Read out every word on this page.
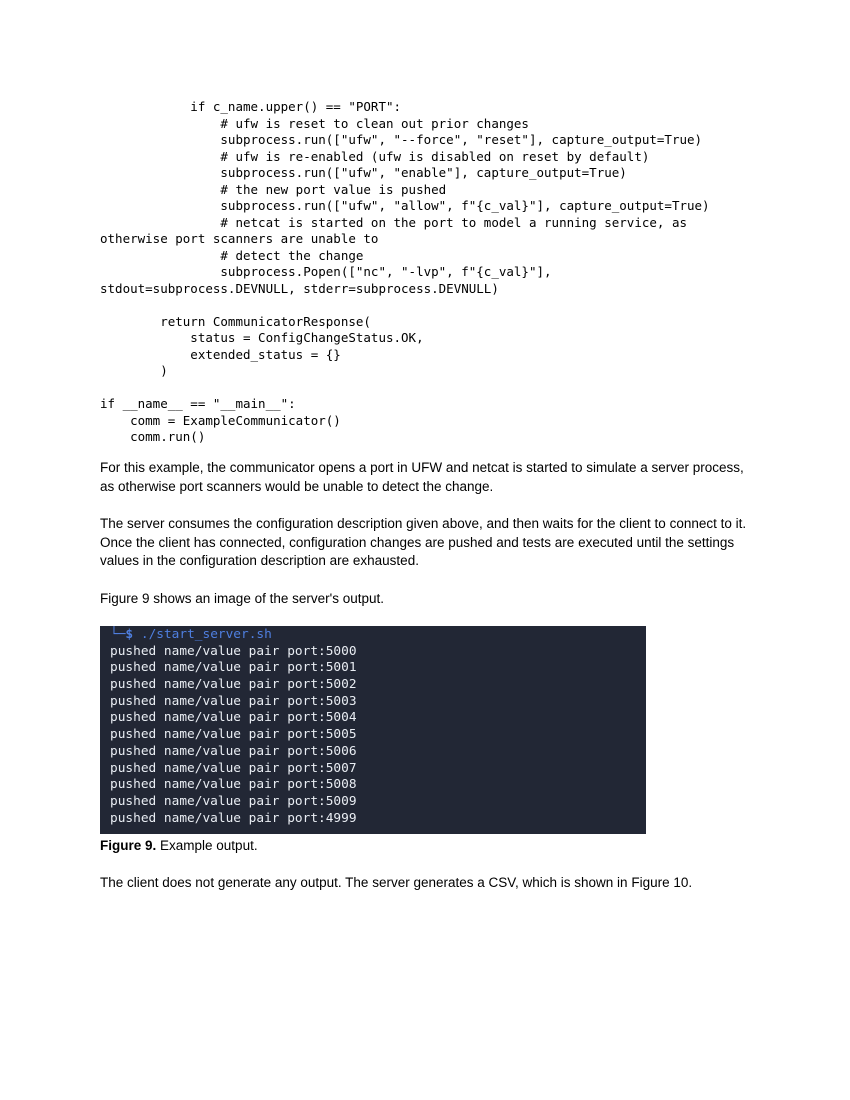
if c_name.upper() == "PORT":
# ufw is reset to clean out prior changes
subprocess.run(["ufw", "--force", "reset"], capture_output=True)
# ufw is re-enabled (ufw is disabled on reset by default)
subprocess.run(["ufw", "enable"], capture_output=True)
# the new port value is pushed
subprocess.run(["ufw", "allow", f"{c_val}"], capture_output=True)
# netcat is started on the port to model a running service, as
otherwise port scanners are unable to
# detect the change
subprocess.Popen(["nc", "-lvp", f"{c_val}"],
stdout=subprocess.DEVNULL, stderr=subprocess.DEVNULL)
return CommunicatorResponse(
status = ConfigChangeStatus.OK,
extended_status = {}
)
if __name__ == "__main__":
comm = ExampleCommunicator()
comm.run()
For this example, the communicator opens a port in UFW and netcat is started to simulate a server process, as otherwise port scanners would be unable to detect the change.
The server consumes the configuration description given above, and then waits for the client to connect to it. Once the client has connected, configuration changes are pushed and tests are executed until the settings values in the configuration description are exhausted.
Figure 9 shows an image of the server's output.
└─$ ./start_server.sh
pushed name/value pair port:5000
pushed name/value pair port:5001
pushed name/value pair port:5002
pushed name/value pair port:5003
pushed name/value pair port:5004
pushed name/value pair port:5005
pushed name/value pair port:5006
pushed name/value pair port:5007
pushed name/value pair port:5008
pushed name/value pair port:5009
pushed name/value pair port:4999
Figure 9. Example output.
The client does not generate any output. The server generates a CSV, which is shown in Figure 10.
